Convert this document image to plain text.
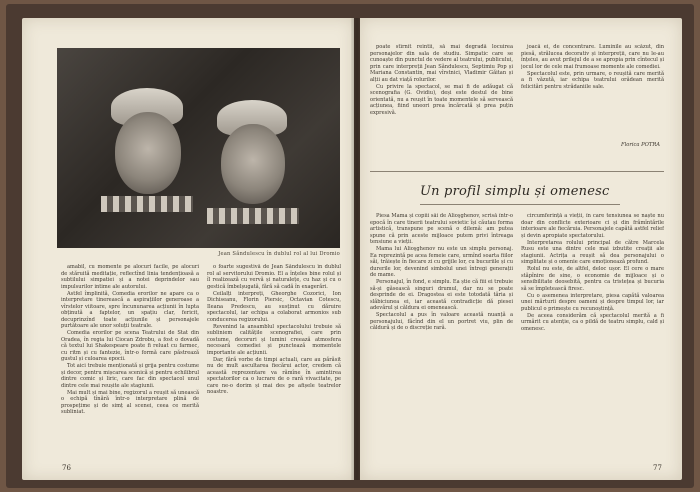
Jean Săndulescu în dublul rol al lui Dromio

amabil, cu momente pe alocuri facile, pe alocuri de stăruită meditație, reflectînd linia tendențioasă a subtilului simpatiei și a notei deprindelor sau impulsurilor intime ale autorului.

Astfel împlinită, Comedia erorilor ne apare ca o interpretare tinerească a aspirațiilor generoase a vîrstelor viitoare, spre încununarea acțiunii în lupta obținută a faptelor, un spațiu clar, fericit, decuprinzînd toate acțiunile și personajele purtătoare ale unor soluții teatrale.

Comedia erorilor pe scena Teatrului de Stat din Oradea, în regia lui Ciocan Zdrobu, a fost o dovadă că textul lui Shakespeare poate fi reluat cu farmec, cu ritm și cu fantezie, într-o formă care păstrează gustul și culoarea epocii.

Tot aici trebuie menționată și grija pentru costume și decor, pentru mișcarea scenică și pentru echilibrul dintre comic și liric, care fac din spectacol unul dintre cele mai reușite ale stagiunii.

Mai mult și mai bine, regizorul a reușit să unească o echipă tînără într-o interpretare plină de prospețime și de simț al scenei, ceea ce merită subliniat.

o foarte sugestivă de Jean Săndulescu în dublul rol al servitorului Dromio. El a înțeles bine rolul și îl realizează cu vervă și naturalețe, cu haz și cu o gestică îmbelșugată, fără să cadă în exagerări.

Ceilalți interpreți, Gheorghe Cozorici, Ion Dichiseanu, Florin Piersic, Octavian Cotescu, Ileana Predescu, au susținut cu dăruire spectacolul, iar echipa a colaborat armonios sub conducerea regizorului.

Revenind la ansamblul spectacolului trebuie să subliniem calitățile scenografiei, care prin costume, decoruri și lumini creează atmosfera necesară comediei și punctează momentele importante ale acțiunii.

Dar, fără vorbe de timpi actuali, care au părăsit nu de mult ascultarea fiecărui actor, credem că această reprezentare va rămîne în amintirea spectatorilor ca o lucrare de o rară vivacitate, pe care ne-o dorim și mai des pe afișele teatrelor noastre.

76

poate stîrnit reîntîi, să mai degradă locuirea personajelor din sala de studiu. Simpatic care se cunoaște din punctul de vedere al teatrului, publicului, prin care interpreții Jean Săndulescu, Septimiu Pop și Mariana Constantin, mai vîrstnici, Vladimir Găitan și alții au dat viață rolurilor.

Cu privire la spectacol, se mai fi de adăugat că scenografia (G. Ovidiu), deși este destul de bine orientată, nu a reușit în toate momentele să servească acțiunea, fiind uneori prea încărcată și prea puțin expresivă.

joacă ei, de concentrare. Luminile au scăzut, din piesă, strălucea decorativ și interpreții, care nu le-au înțeles, au avut prilejul de a se apropia prin cîntecul și jocul lor de cele mai frumoase momente ale comediei.

Spectacolul este, prin urmare, o reușită care merită a fi văzută, iar echipa teatrului orădean merită felicitări pentru strădaniile sale.

Florica POTRA
Un profil simplu și omenesc

Piesa Mama și copiii săi de Alioşghenov, scrisă într-o epocă în care tinerii teatrului sovietic își căutau forma artistică, transpune pe scenă o dilemă: am putea spune că prin aceste mijloace putem privi întreaga tensiune a vieții.

Mama lui Alioşghenov nu este un simplu personaj. Ea reprezintă pe acea femeie care, urmînd soarta fiilor săi, trăiește în fiecare zi cu grijile lor, cu bucuriile și cu durerile lor, devenind simbolul unei întregi generații de mame.

Personajul, în fond, e simplu. Ea știe că fiii ei trebuie să-și găsească singuri drumul, dar nu se poate desprinde de ei. Dragostea ei este totodată tăria și slăbiciunea ei, iar această contradicție dă piesei adevărul și căldura ei omenească.

Spectacolul a pus în valoare această nuanță a personajului, făcînd din el un portret viu, plin de căldură și de o discreție rară.

circumferință a vieții, în care tensiunea se naște nu doar din conflicte exterioare ci și din frămîntările interioare ale fiecăruia. Personajele capătă astfel relief și devin apropiate spectatorului.

Interpretarea rolului principal de către Marcela Rusu este una dintre cele mai izbutite creații ale stagiunii. Actrița a reușit să dea personajului o simplitate și o omenie care emoționează profund.

Rolul nu este, de altfel, deloc ușor. El cere o mare stăpînire de sine, o economie de mijloace și o sensibilitate deosebită, pentru ca tristețea și bucuria să se împletească firesc.

Cu o asemenea interpretare, piesa capătă valoarea unei mărturii despre oameni și despre timpul lor, iar publicul o primește cu recunoștință.

De aceea considerăm că spectacolul merită a fi urmărit cu atenție, ca o pildă de teatru simplu, cald și omenesc.

77
